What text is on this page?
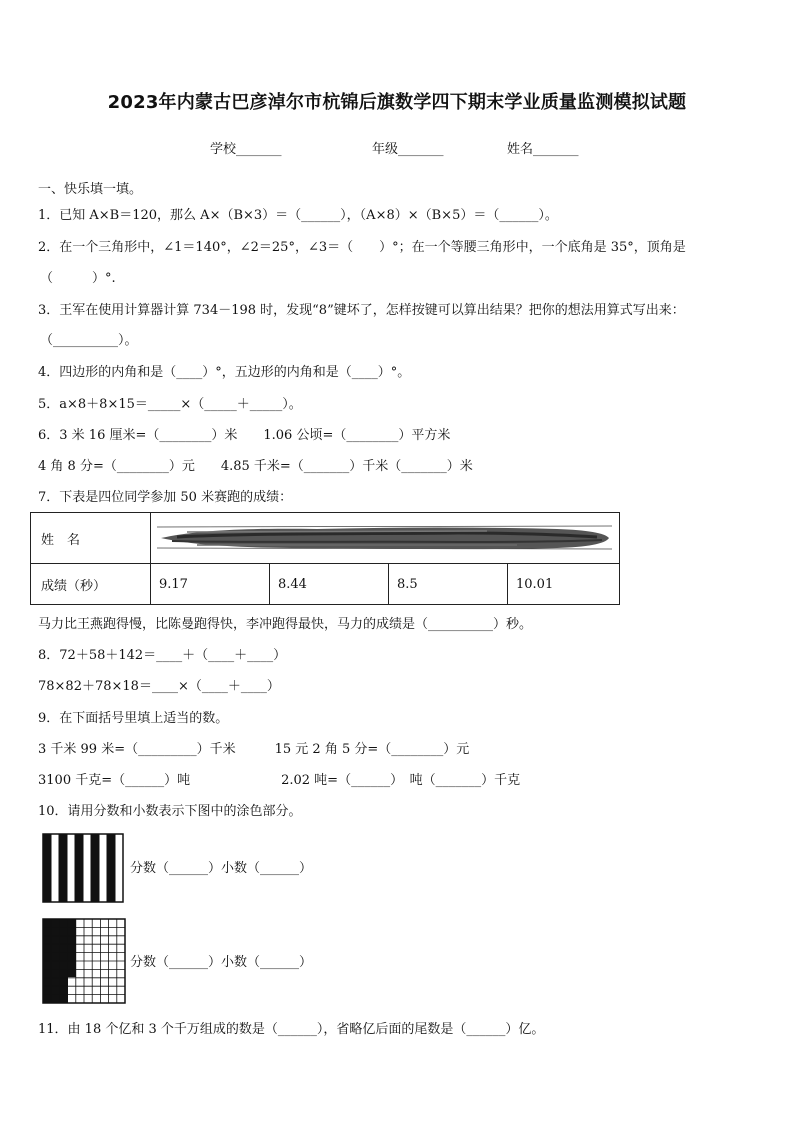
2023年内蒙古巴彦淖尔市杭锦后旗数学四下期末学业质量监测模拟试题
学校_______	年级_______	姓名_______
一、快乐填一填。
1．已知 A×B＝120，那么 A×（B×3）＝（______），（A×8）×（B×5）＝（______）。
2．在一个三角形中，∠1＝140°，∠2＝25°，∠3＝（　　）°；在一个等腰三角形中，一个底角是 35°，顶角是
（　　　）°.
3．王军在使用计算器计算 734－198 时，发现“8”键坏了，怎样按键可以算出结果？把你的想法用算式写出来：
（__________）。
4．四边形的内角和是（____）°，五边形的内角和是（____）°。
5．a×8＋8×15＝_____×（_____＋_____）。
6．3 米 16 厘米=（________）米　　1.06 公顷=（________）平方米
4 角 8 分=（________）元　　4.85 千米=（_______）千米（_______）米
7．下表是四位同学参加 50 米赛跑的成绩：
姓　名	

成绩（秒）	9.17	8.44	8.5	10.01
马力比王燕跑得慢，比陈曼跑得快，李冲跑得最快，马力的成绩是（__________）秒。
8．72＋58＋142＝____＋（____＋____）
78×82＋78×18＝____×（____＋____）
9．在下面括号里填上适当的数。
3 千米 99 米=（_________）千米　　　15 元 2 角 5 分=（________）元
3100 千克=（______）吨　　　　　　　2.02 吨=（______）　吨（_______）千克
10．请用分数和小数表示下图中的涂色部分。
分数（______）小数（______）
分数（______）小数（______）
11．由 18 个亿和 3 个千万组成的数是（______），省略亿后面的尾数是（______）亿。
